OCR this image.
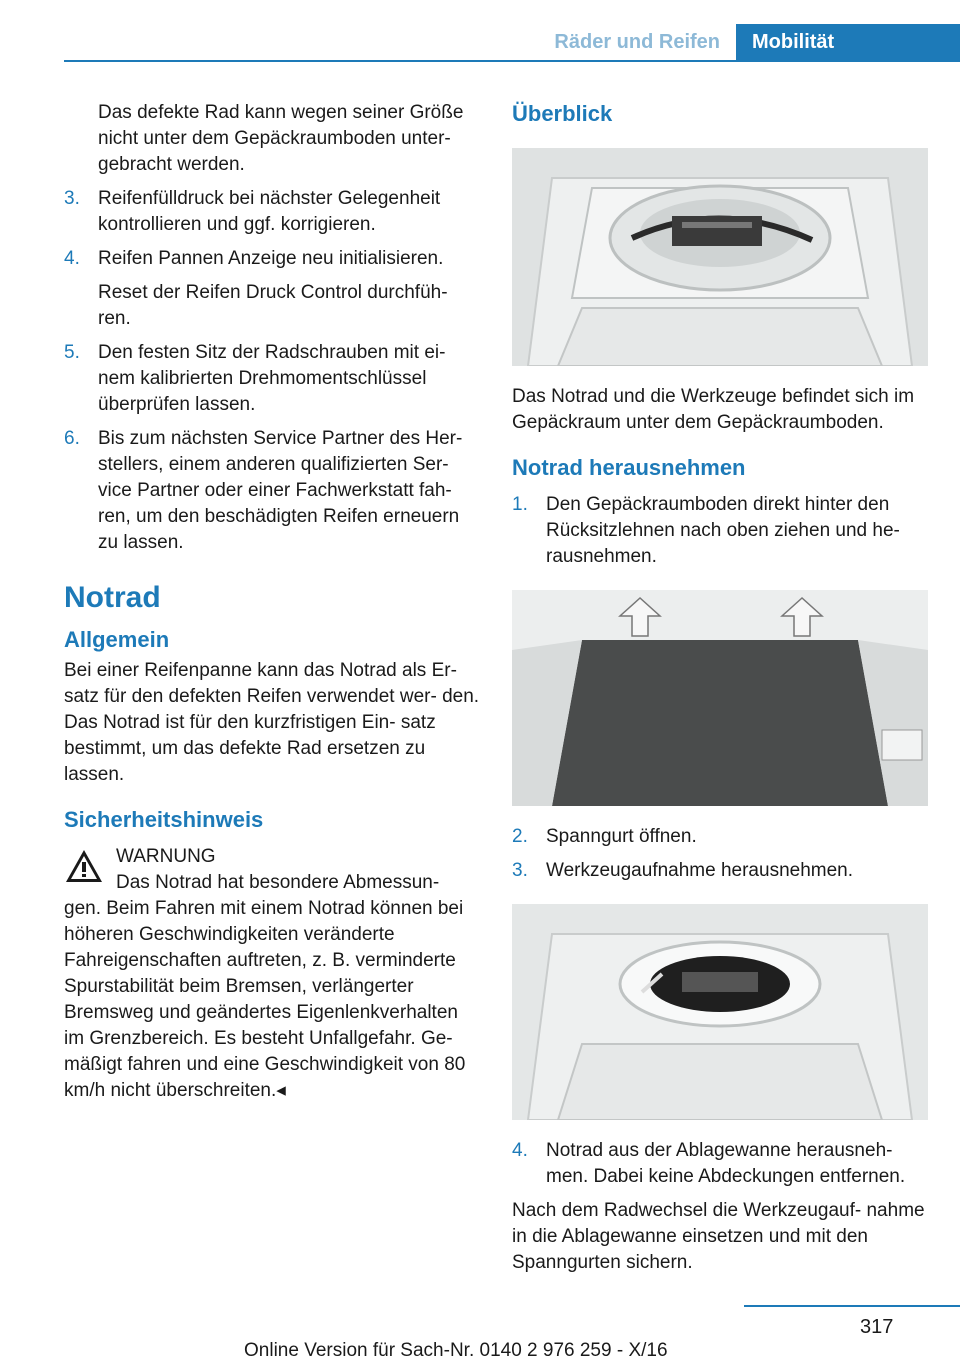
Räder und Reifen	Mobilität

Das defekte Rad kann wegen seiner Größe nicht unter dem Gepäckraumboden unter- gebracht werden.

3. Reifenfülldruck bei nächster Gelegenheit kontrollieren und ggf. korrigieren.
4. Reifen Pannen Anzeige neu initialisieren.

Reset der Reifen Druck Control durchfüh- ren.

5. Den festen Sitz der Radschrauben mit ei- nem kalibrierten Drehmomentschlüssel überprüfen lassen.
6. Bis zum nächsten Service Partner des Her- stellers, einem anderen qualifizierten Ser- vice Partner oder einer Fachwerkstatt fah- ren, um den beschädigten Reifen erneuern zu lassen.
Notrad
Allgemein

Bei einer Reifenpanne kann das Notrad als Er- satz für den defekten Reifen verwendet wer- den. Das Notrad ist für den kurzfristigen Ein- satz bestimmt, um das defekte Rad ersetzen zu lassen.

Sicherheitshinweis
WARNUNG
Das Notrad hat besondere Abmessun-

gen. Beim Fahren mit einem Notrad können bei höheren Geschwindigkeiten veränderte Fahreigenschaften auftreten, z. B. verminderte Spurstabilität beim Bremsen, verlängerter Bremsweg und geändertes Eigenlenkverhalten im Grenzbereich. Es besteht Unfallgefahr. Ge- mäßigt fahren und eine Geschwindigkeit von 80 km/h nicht überschreiten.◂

Überblick

Das Notrad und die Werkzeuge befindet sich im Gepäckraum unter dem Gepäckraumboden.

Notrad herausnehmen
1. Den Gepäckraumboden direkt hinter den Rücksitzlehnen nach oben ziehen und he- rausnehmen.
2. Spanngurt öffnen.
3. Werkzeugaufnahme herausnehmen.
4. Notrad aus der Ablagewanne herausneh- men. Dabei keine Abdeckungen entfernen.

Nach dem Radwechsel die Werkzeugauf- nahme in die Ablagewanne einsetzen und mit den Spanngurten sichern.

317
Online Version für Sach-Nr. 0140 2 976 259 - X/16
